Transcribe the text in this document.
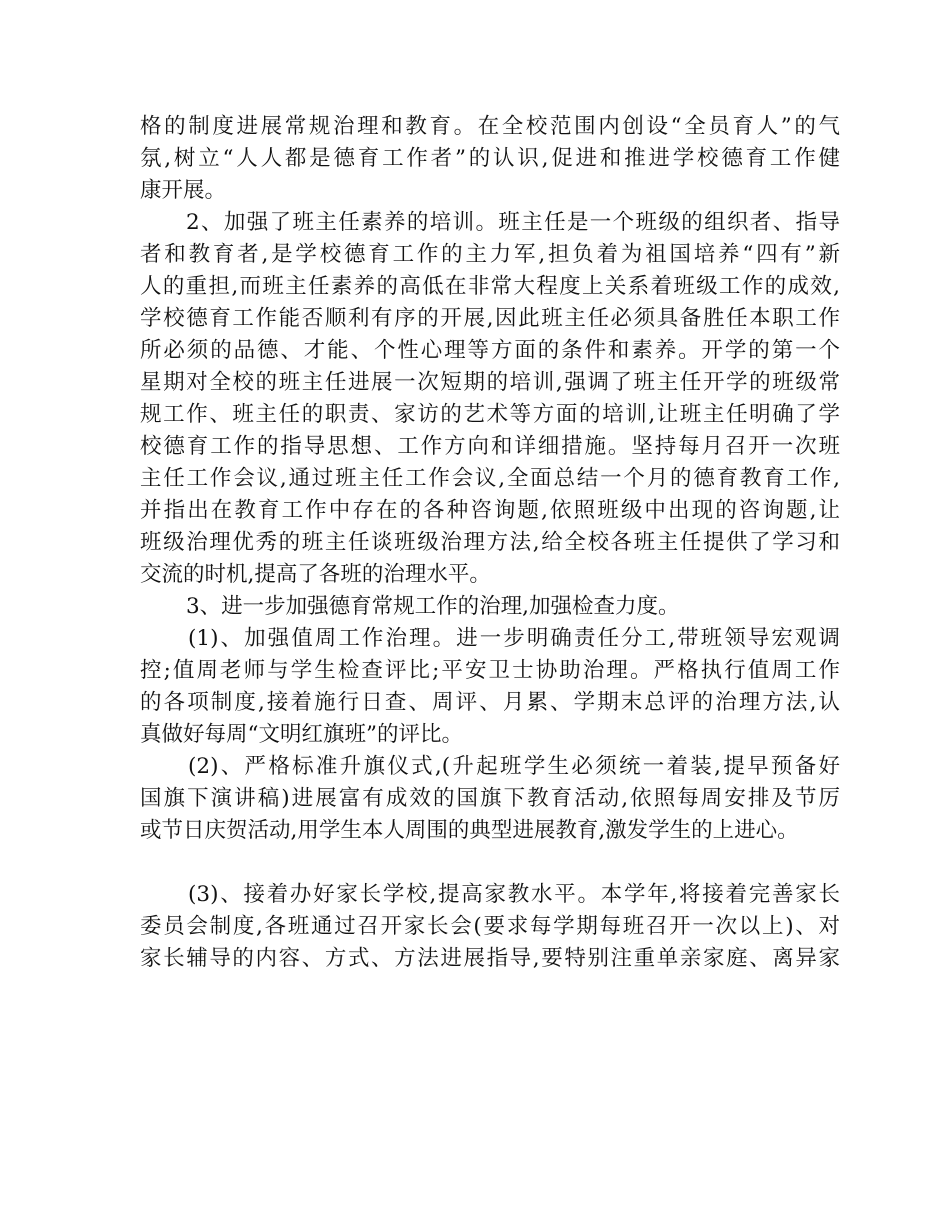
格的制度进展常规治理和教育。在全校范围内创设“全员育人”的气
氛,树立“人人都是德育工作者”的认识,促进和推进学校德育工作健
康开展。
2、加强了班主任素养的培训。班主任是一个班级的组织者、指导
者和教育者,是学校德育工作的主力军,担负着为祖国培养“四有”新
人的重担,而班主任素养的高低在非常大程度上关系着班级工作的成效,
学校德育工作能否顺利有序的开展,因此班主任必须具备胜任本职工作
所必须的品德、才能、个性心理等方面的条件和素养。开学的第一个
星期对全校的班主任进展一次短期的培训,强调了班主任开学的班级常
规工作、班主任的职责、家访的艺术等方面的培训,让班主任明确了学
校德育工作的指导思想、工作方向和详细措施。坚持每月召开一次班
主任工作会议,通过班主任工作会议,全面总结一个月的德育教育工作,
并指出在教育工作中存在的各种咨询题,依照班级中出现的咨询题,让
班级治理优秀的班主任谈班级治理方法,给全校各班主任提供了学习和
交流的时机,提高了各班的治理水平。
3、进一步加强德育常规工作的治理,加强检查力度。
(1)、加强值周工作治理。进一步明确责任分工,带班领导宏观调
控;值周老师与学生检查评比;平安卫士协助治理。严格执行值周工作
的各项制度,接着施行日查、周评、月累、学期末总评的治理方法,认
真做好每周“文明红旗班”的评比。
(2)、严格标准升旗仪式,(升起班学生必须统一着装,提早预备好
国旗下演讲稿)进展富有成效的国旗下教育活动,依照每周安排及节厉
或节日庆贺活动,用学生本人周围的典型进展教育,激发学生的上进心。
(3)、接着办好家长学校,提高家教水平。本学年,将接着完善家长
委员会制度,各班通过召开家长会(要求每学期每班召开一次以上)、对
家长辅导的内容、方式、方法进展指导,要特别注重单亲家庭、离异家
